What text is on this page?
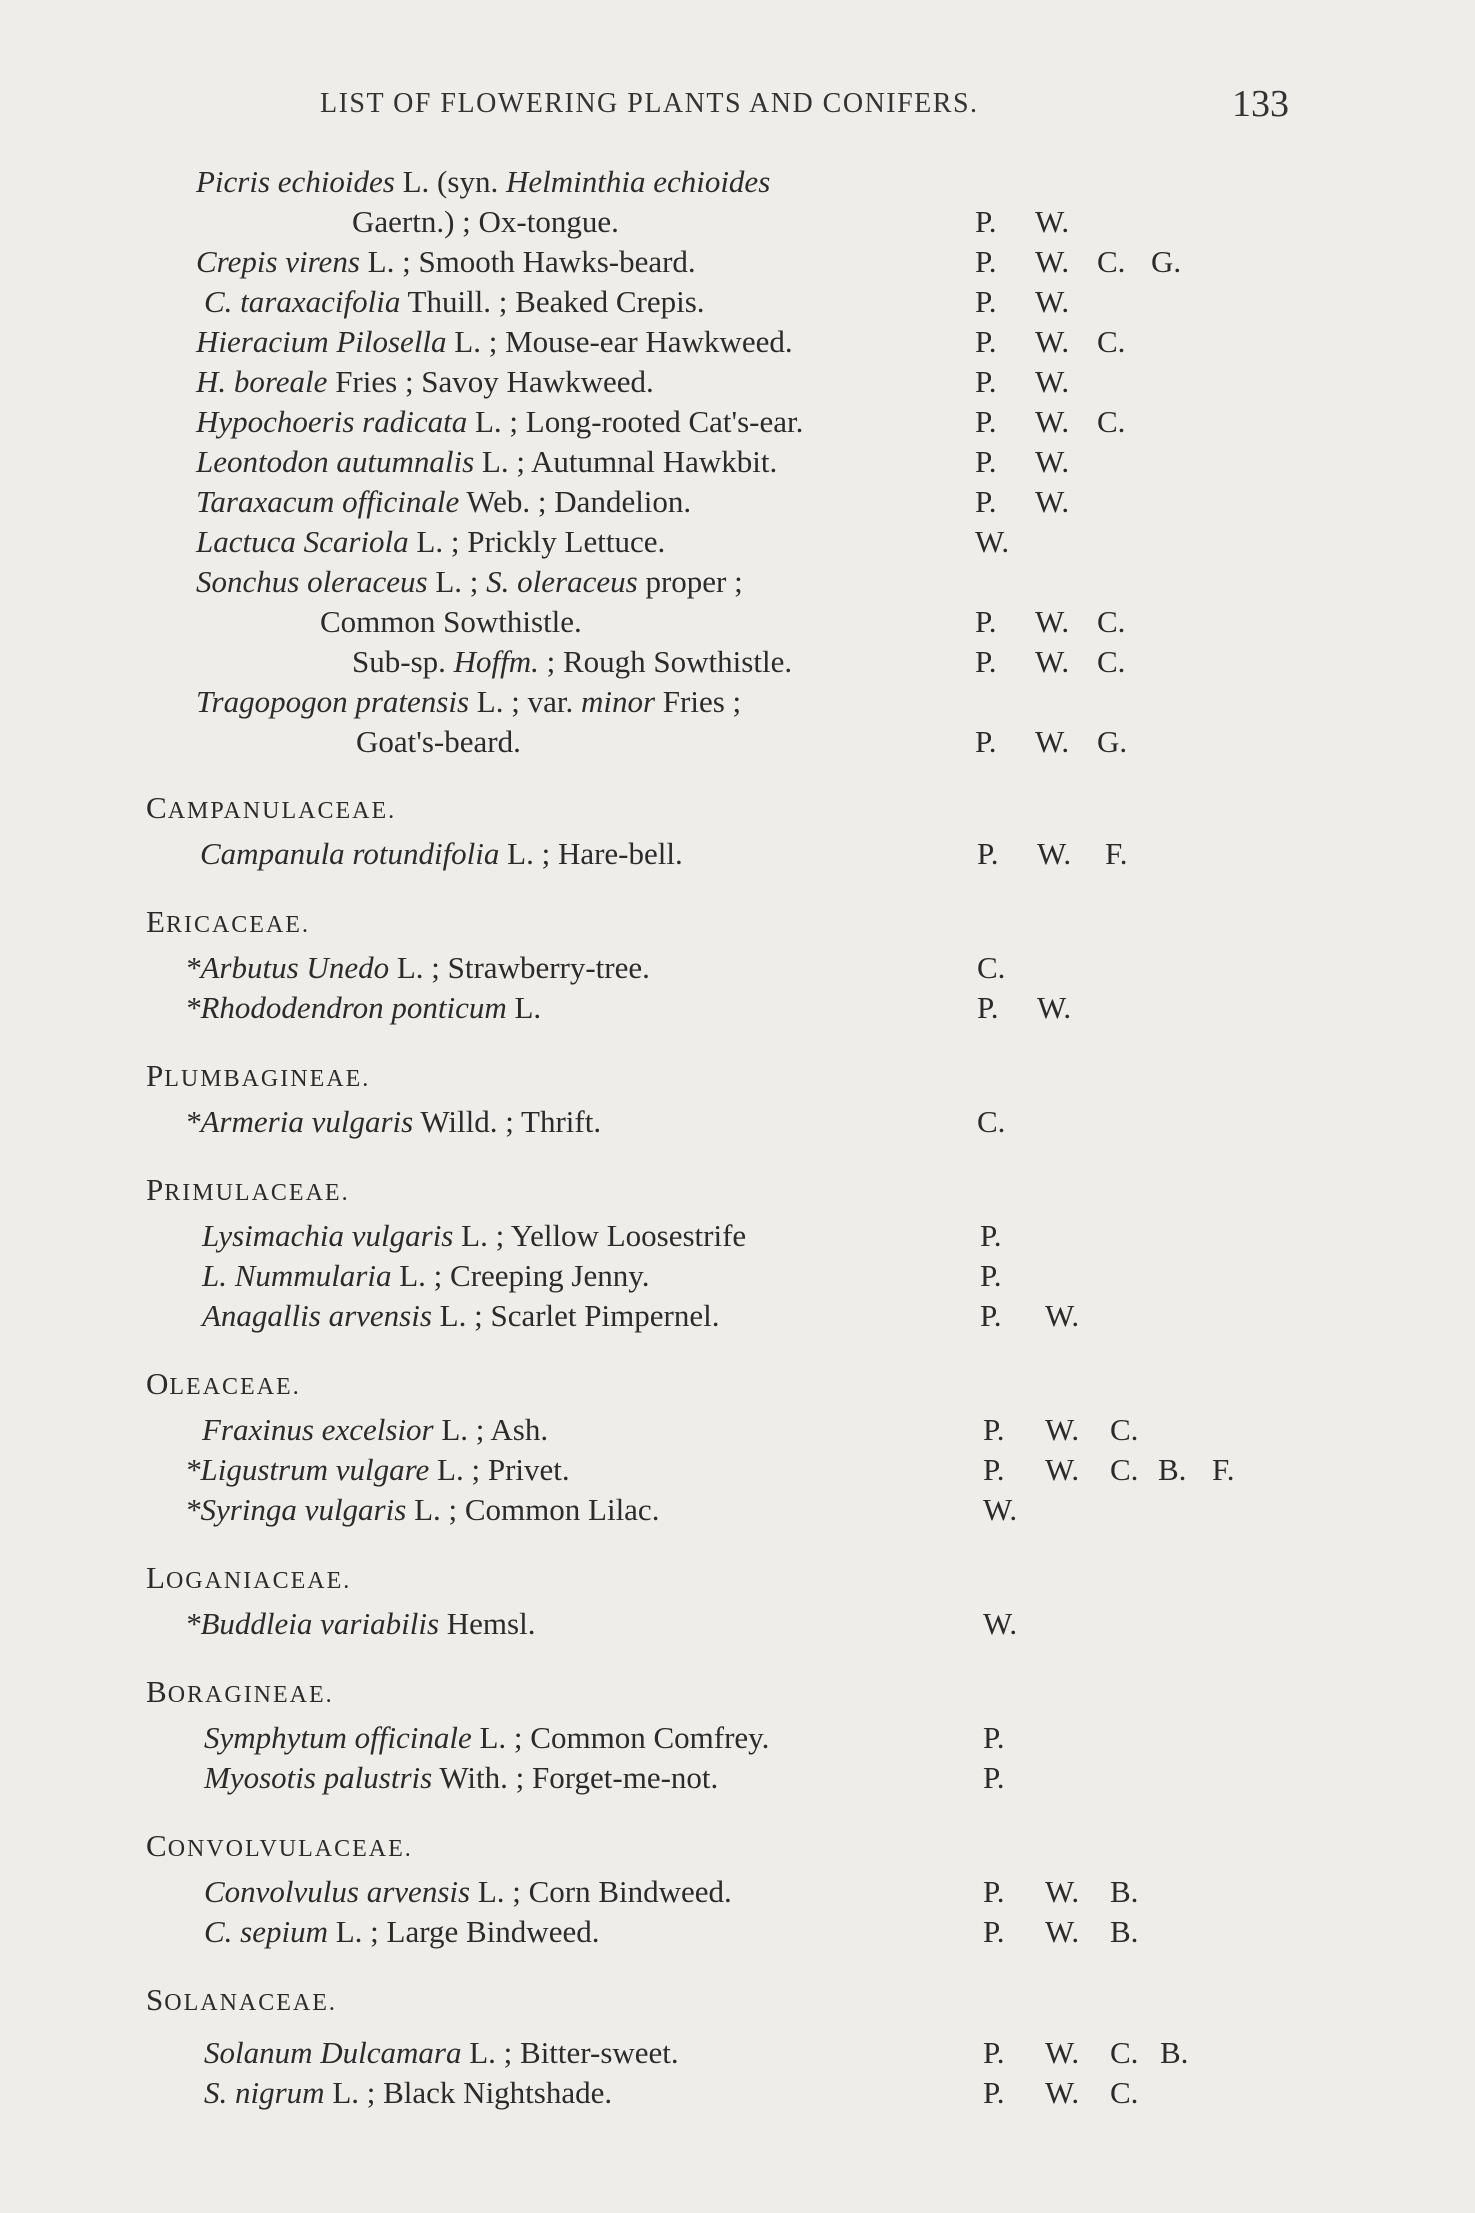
LIST OF FLOWERING PLANTS AND CONIFERS.	133
Picris echioides L. (syn. Helminthia echioides
Gaertn.) ; Ox-tongue.	P. W.
Crepis virens L. ; Smooth Hawks-beard.	P. W. C. G.
C. taraxacifolia Thuill. ; Beaked Crepis.	P. W.
Hieracium Pilosella L. ; Mouse-ear Hawkweed.	P. W. C.
H. boreale Fries ; Savoy Hawkweed.	P. W.
Hypochoeris radicata L. ; Long-rooted Cat's-ear.	P. W. C.
Leontodon autumnalis L. ; Autumnal Hawkbit.	P. W.
Taraxacum officinale Web. ; Dandelion.	P. W.
Lactuca Scariola L. ; Prickly Lettuce.	W.
Sonchus oleraceus L. ; S. oleraceus proper ;
Common Sowthistle.	P. W. C.
Sub-sp. Hoffm. ; Rough Sowthistle.	P. W. C.
Tragopogon pratensis L. ; var. minor Fries ;
Goat's-beard.	P. W. G.
CAMPANULACEAE.
Campanula rotundifolia L. ; Hare-bell.	P. W. F.
ERICACEAE.
*Arbutus Unedo L. ; Strawberry-tree.	C.
*Rhododendron ponticum L.	P. W.
PLUMBAGINEAE.
*Armeria vulgaris Willd. ; Thrift.	C.
PRIMULACEAE.
Lysimachia vulgaris L. ; Yellow Loosestrife	P.
L. Nummularia L. ; Creeping Jenny.	P.
Anagallis arvensis L. ; Scarlet Pimpernel.	P. W.
OLEACEAE.
Fraxinus excelsior L. ; Ash.	P. W. C.
*Ligustrum vulgare L. ; Privet.	P. W. C. B. F.
*Syringa vulgaris L. ; Common Lilac.	W.
LOGANIACEAE.
*Buddleia variabilis Hemsl.	W.
BORAGINEAE.
Symphytum officinale L. ; Common Comfrey.	P.
Myosotis palustris With. ; Forget-me-not.	P.
CONVOLVULACEAE.
Convolvulus arvensis L. ; Corn Bindweed.	P. W. B.
C. sepium L. ; Large Bindweed.	P. W. B.
SOLANACEAE.
Solanum Dulcamara L. ; Bitter-sweet.	P. W. C. B.
S. nigrum L. ; Black Nightshade.	P. W. C.
